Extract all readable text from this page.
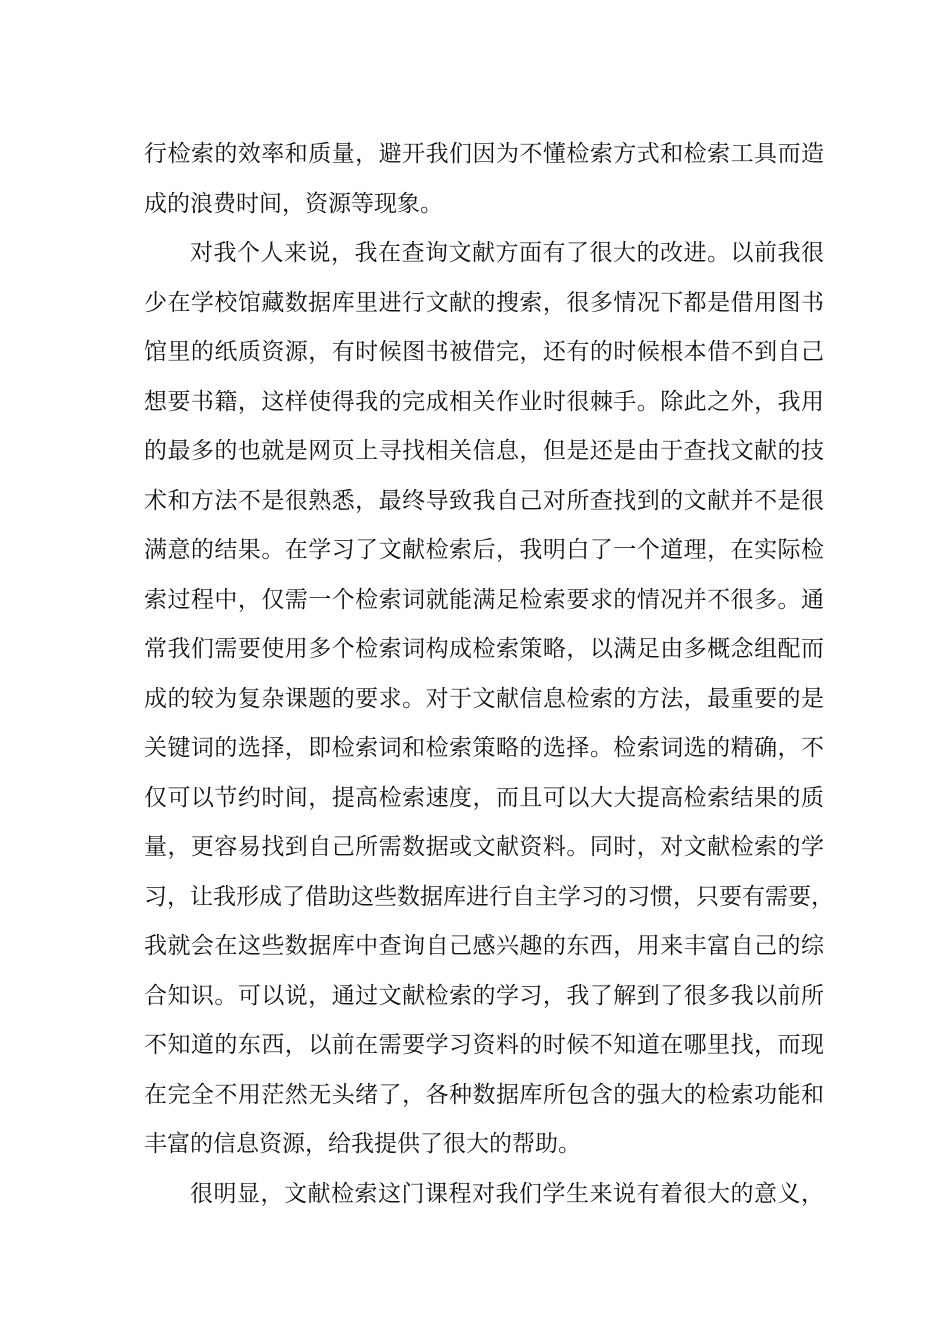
行检索的效率和质量，避开我们因为不懂检索方式和检索工具而造
成的浪费时间，资源等现象。
对我个人来说，我在查询文献方面有了很大的改进。以前我很
少在学校馆藏数据库里进行文献的搜索，很多情况下都是借用图书
馆里的纸质资源，有时候图书被借完，还有的时候根本借不到自己
想要书籍，这样使得我的完成相关作业时很棘手。除此之外，我用
的最多的也就是网页上寻找相关信息，但是还是由于查找文献的技
术和方法不是很熟悉，最终导致我自己对所查找到的文献并不是很
满意的结果。在学习了文献检索后，我明白了一个道理，在实际检
索过程中，仅需一个检索词就能满足检索要求的情况并不很多。通
常我们需要使用多个检索词构成检索策略，以满足由多概念组配而
成的较为复杂课题的要求。对于文献信息检索的方法，最重要的是
关键词的选择，即检索词和检索策略的选择。检索词选的精确，不
仅可以节约时间，提高检索速度，而且可以大大提高检索结果的质
量，更容易找到自己所需数据或文献资料。同时，对文献检索的学
习，让我形成了借助这些数据库进行自主学习的习惯，只要有需要，
我就会在这些数据库中查询自己感兴趣的东西，用来丰富自己的综
合知识。可以说，通过文献检索的学习，我了解到了很多我以前所
不知道的东西，以前在需要学习资料的时候不知道在哪里找，而现
在完全不用茫然无头绪了，各种数据库所包含的强大的检索功能和
丰富的信息资源，给我提供了很大的帮助。
很明显，文献检索这门课程对我们学生来说有着很大的意义，
